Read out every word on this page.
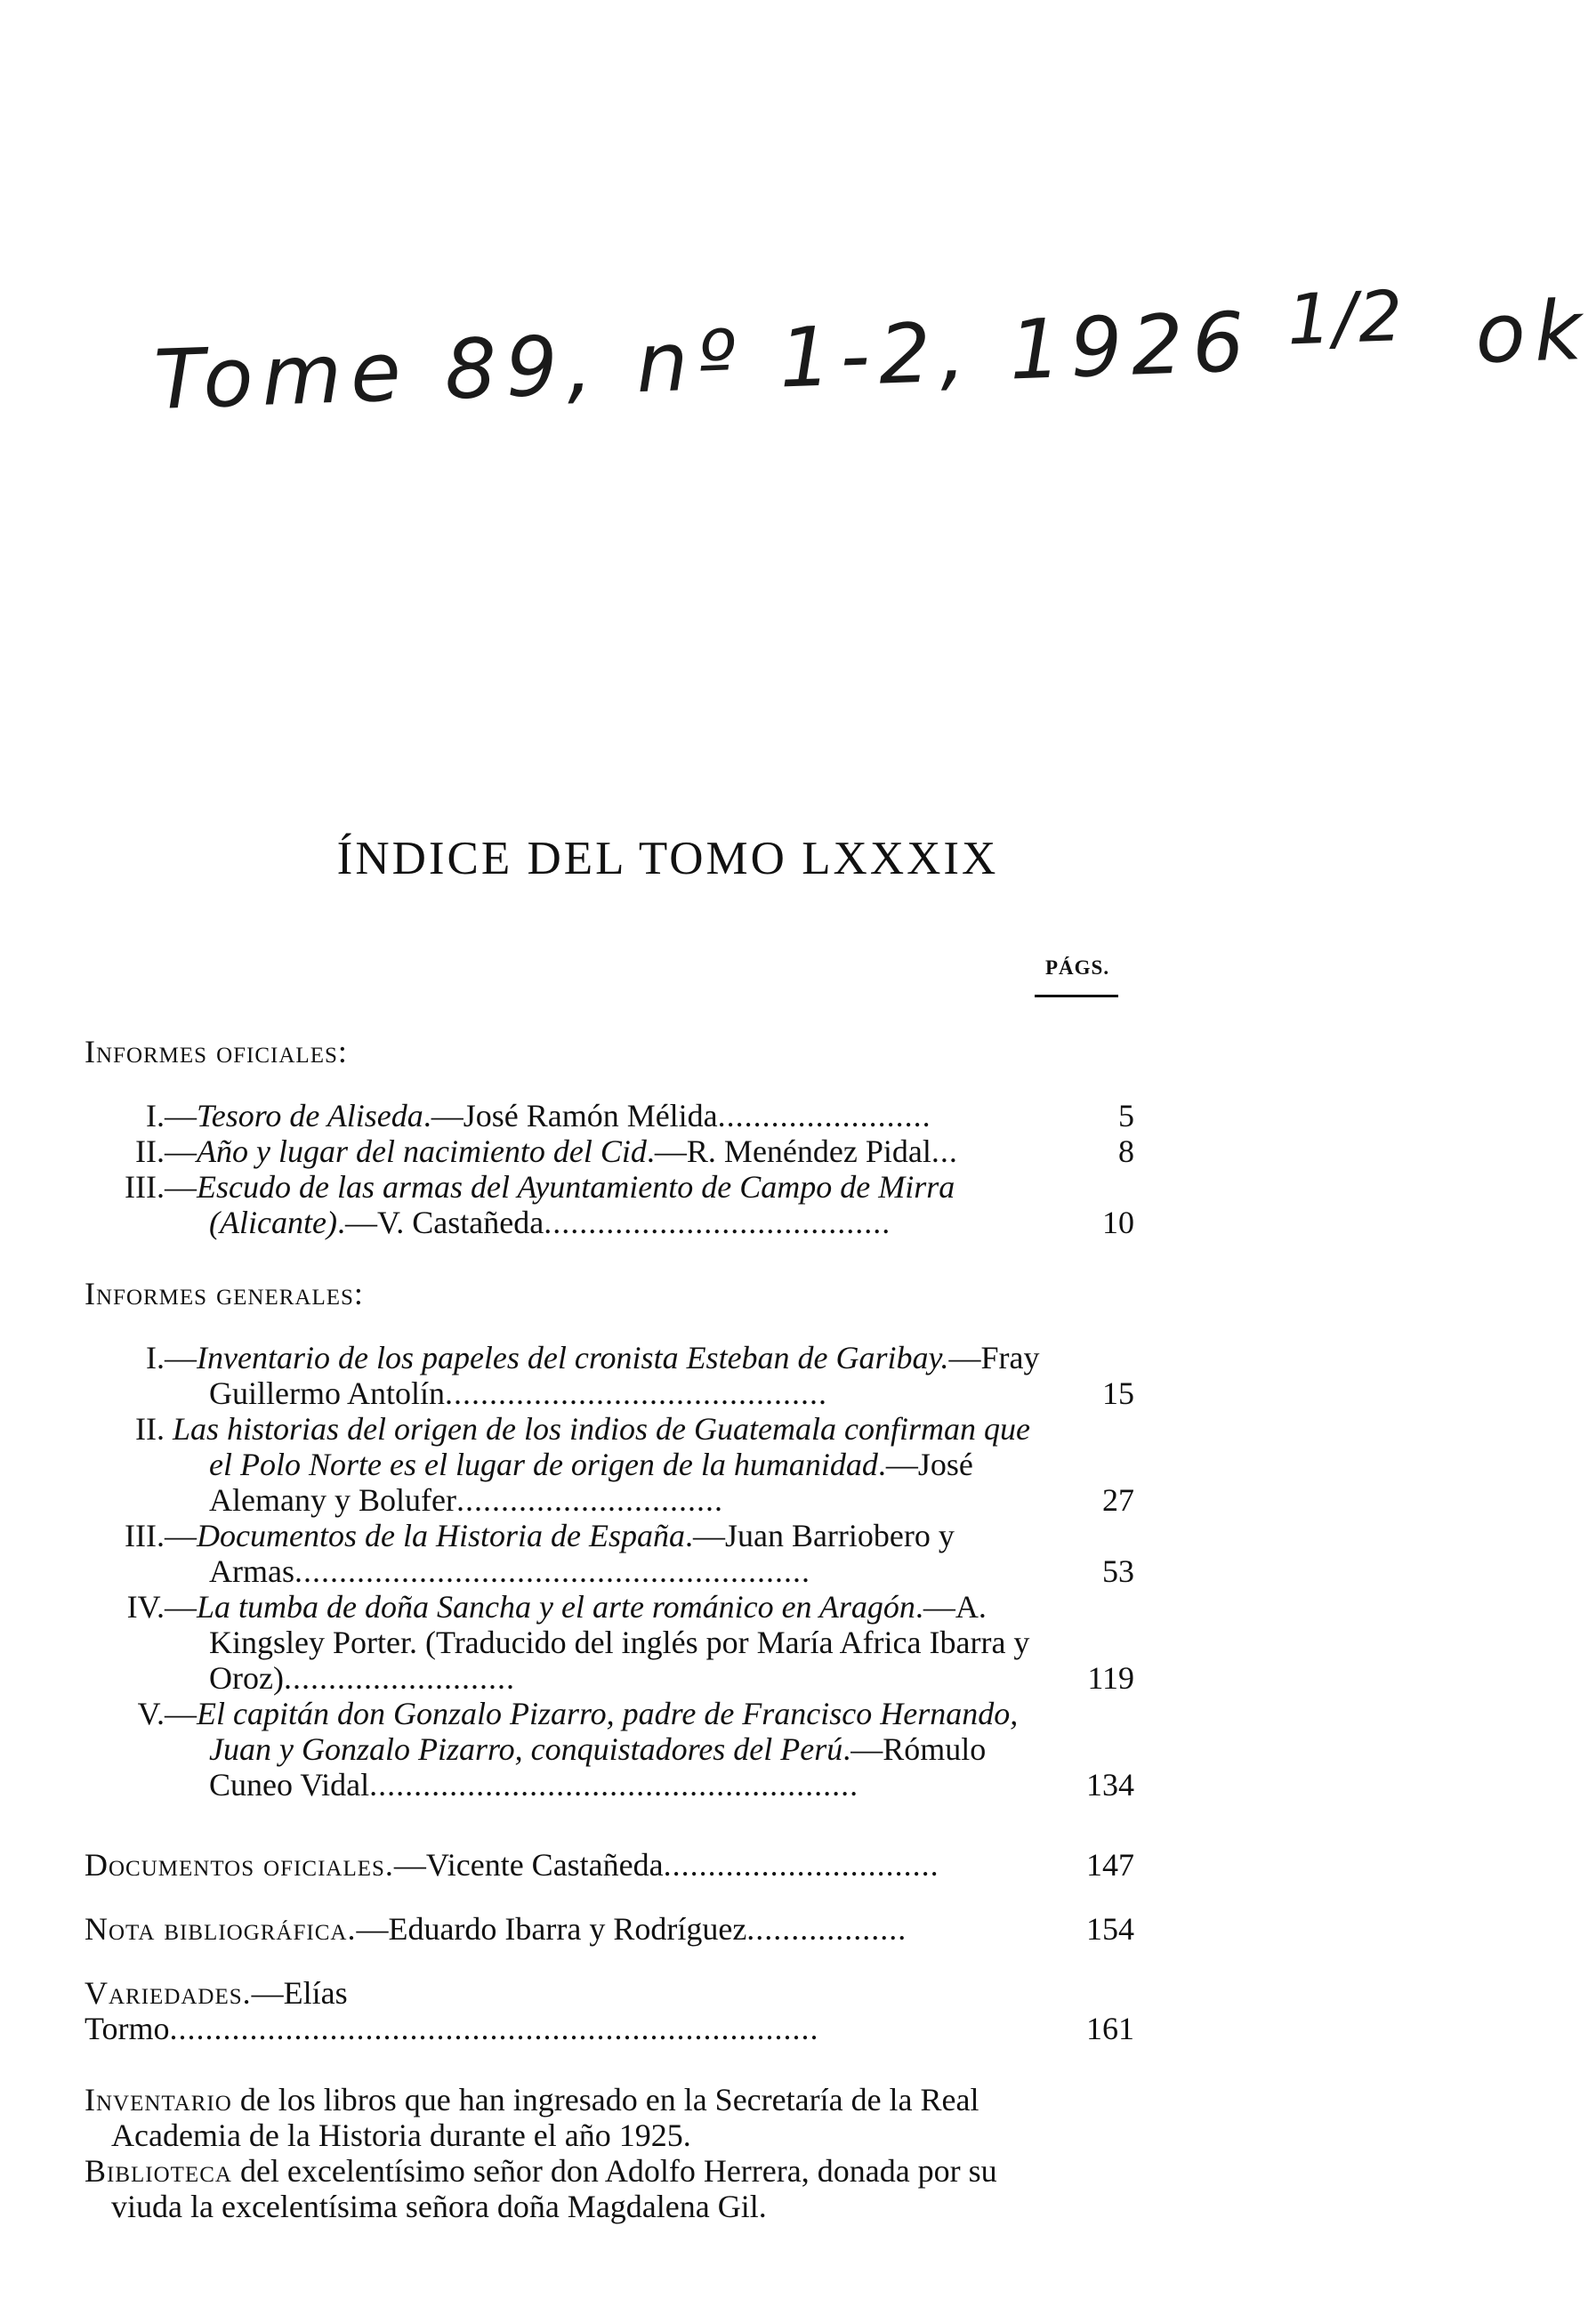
Tome 89, nº 1-2, 1926 $^{1/2}$ ok
ÍNDICE DEL TOMO LXXXIX
PÁGS.
Informes oficiales:
I.—Tesoro de Aliseda.—José Ramón Mélida........................	5
II.—Año y lugar del nacimiento del Cid.—R. Menéndez Pidal...	8
III.—Escudo de las armas del Ayuntamiento de Campo de Mirra (Alicante).—V. Castañeda.......................................	10
Informes generales:
I.—Inventario de los papeles del cronista Esteban de Garibay.—Fray Guillermo Antolín...........................................	15
II. Las historias del origen de los indios de Guatemala confirman que el Polo Norte es el lugar de origen de la humanidad.—José Alemany y Bolufer..............................	27
III.—Documentos de la Historia de España.—Juan Barriobero y Armas..........................................................	53
IV.—La tumba de doña Sancha y el arte románico en Aragón.—A. Kingsley Porter. (Traducido del inglés por María Africa Ibarra y Oroz)..........................	119
V.—El capitán don Gonzalo Pizarro, padre de Francisco Hernando, Juan y Gonzalo Pizarro, conquistadores del Perú.—Rómulo Cuneo Vidal.......................................................	134
Documentos oficiales.—Vicente Castañeda...............................	147
Nota bibliográfica.—Eduardo Ibarra y Rodríguez..................	154
Variedades.—Elías Tormo.........................................................................	161
Inventario de los libros que han ingresado en la Secretaría de la Real Academia de la Historia durante el año 1925.
Biblioteca del excelentísimo señor don Adolfo Herrera, donada por su viuda la excelentísima señora doña Magdalena Gil.
